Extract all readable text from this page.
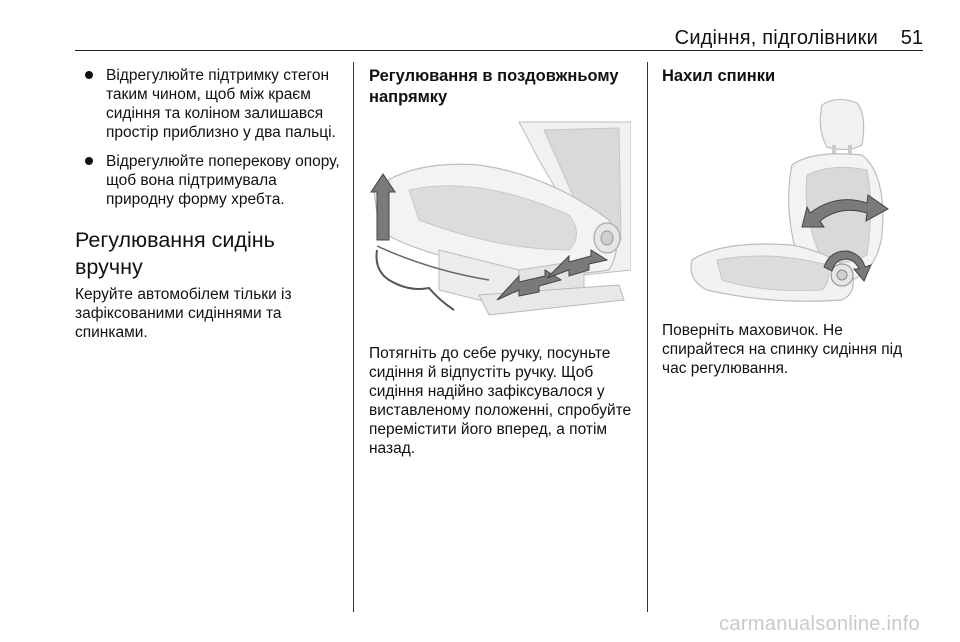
Сидіння, підголівники 51
Відрегулюйте підтримку стегон таким чином, щоб між краєм сидіння та коліном залишався простір приблизно у два пальці.
Відрегулюйте поперекову опору, щоб вона підтримувала природну форму хребта.
Регулювання сидінь вручну

Керуйте автомобілем тільки із зафіксованими сидіннями та спинками.

Регулювання в поздовжньому напрямку

Потягніть до себе ручку, посуньте сидіння й відпустіть ручку. Щоб сидіння надійно зафіксувалося у виставленому положенні, спробуйте перемістити його вперед, а потім назад.

Нахил спинки

Поверніть маховичок. Не спирайтеся на спинку сидіння під час регулювання.

carmanualsonline.info
